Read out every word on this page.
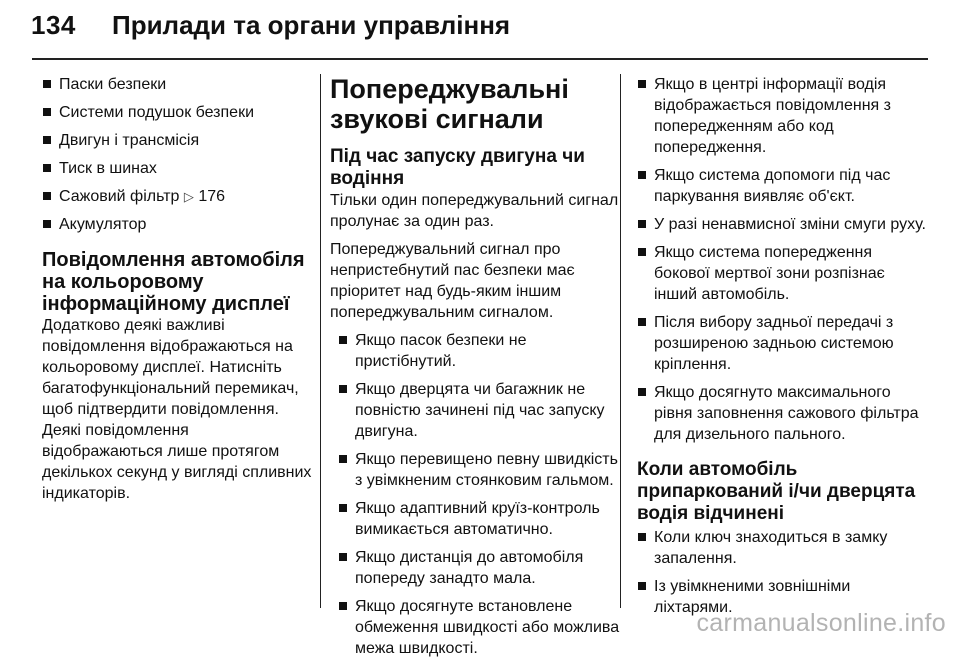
134 Прилади та органи управління
Паски безпеки
Системи подушок безпеки
Двигун і трансмісія
Тиск в шинах
Сажовий фільтр ▷ 176
Акумулятор
Повідомлення автомобіля на кольоровому інформаційному дисплеї

Додатково деякі важливі повідомлення відображаються на кольоровому дисплеї. Натисніть багатофункціональний перемикач, щоб підтвердити повідомлення. Деякі повідомлення відображаються лише протягом декількох секунд у вигляді спливних індикаторів.

Попереджувальні звукові сигнали
Під час запуску двигуна чи водіння

Тільки один попереджувальний сигнал пролунає за один раз.

Попереджувальний сигнал про непристебнутий пас безпеки має пріоритет над будь-яким іншим попереджувальним сигналом.

Якщо пасок безпеки не пристібнутий.
Якщо дверцята чи багажник не повністю зачинені під час запуску двигуна.
Якщо перевищено певну швидкість з увімкненим стоянковим гальмом.
Якщо адаптивний круїз-контроль вимикається автоматично.
Якщо дистанція до автомобіля попереду занадто мала.
Якщо досягнуте встановлене обмеження швидкості або можлива межа швидкості.
Якщо в центрі інформації водія відображається повідомлення з попередженням або код попередження.
Якщо система допомоги під час паркування виявляє об'єкт.
У разі ненавмисної зміни смуги руху.
Якщо система попередження бокової мертвої зони розпізнає інший автомобіль.
Після вибору задньої передачі з розширеною задньою системою кріплення.
Якщо досягнуто максимального рівня заповнення сажового фільтра для дизельного пального.
Коли автомобіль припаркований і/чи дверцята водія відчинені
Коли ключ знаходиться в замку запалення.
Із увімкненими зовнішніми ліхтарями.
carmanualsonline.info
